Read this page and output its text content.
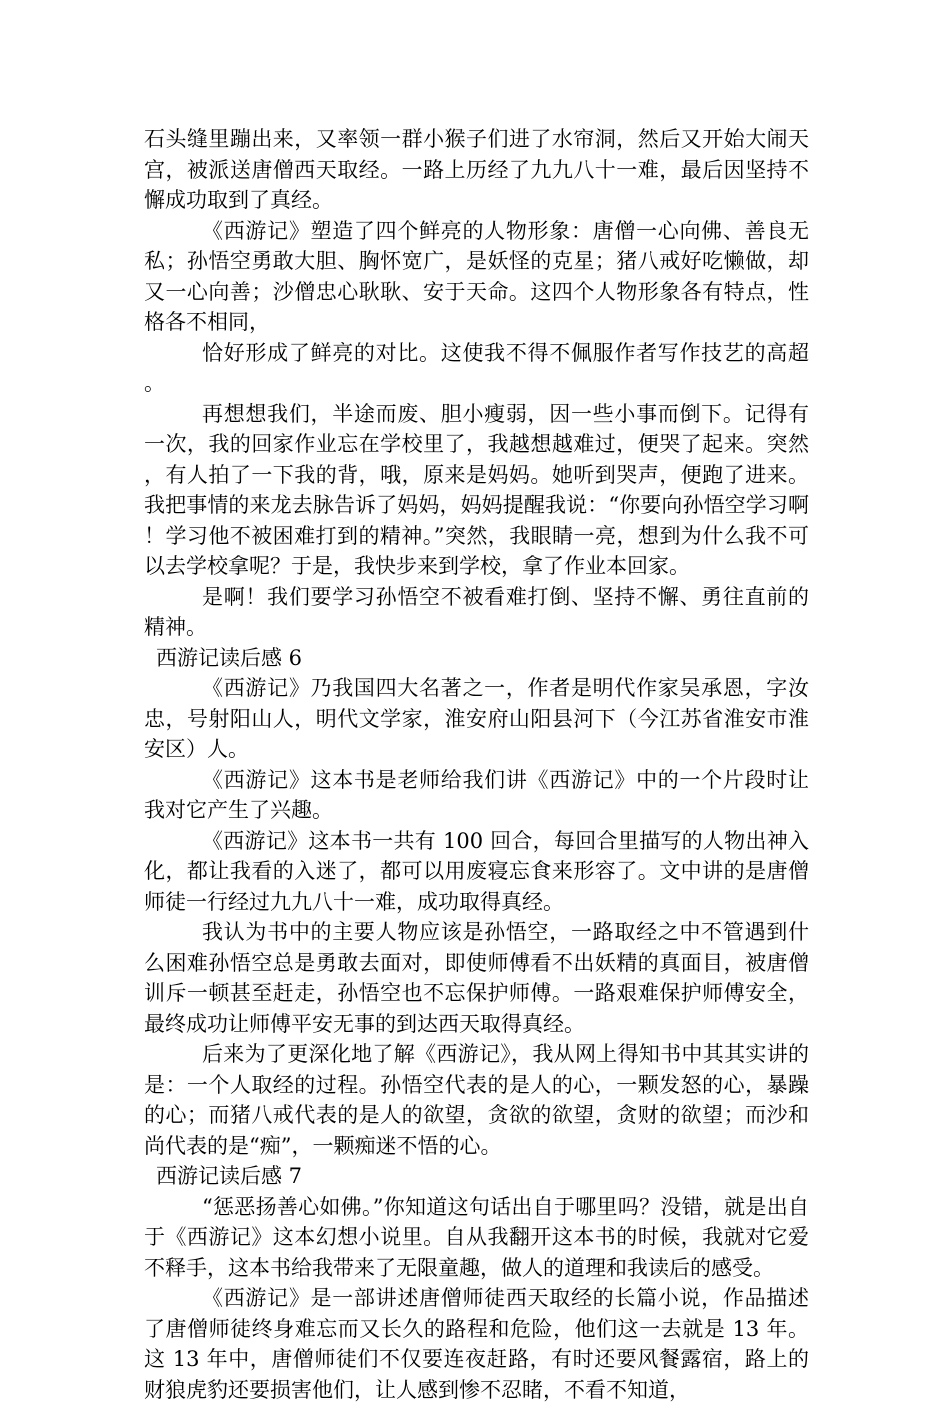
石头缝里蹦出来，又率领一群小猴子们进了水帘洞，然后又开始大闹天宫，被派送唐僧西天取经。一路上历经了九九八十一难，最后因坚持不懈成功取到了真经。

《西游记》塑造了四个鲜亮的人物形象：唐僧一心向佛、善良无私；孙悟空勇敢大胆、胸怀宽广，是妖怪的克星；猪八戒好吃懒做，却又一心向善；沙僧忠心耿耿、安于天命。这四个人物形象各有特点，性格各不相同，

恰好形成了鲜亮的对比。这使我不得不佩服作者写作技艺的高超。

再想想我们，半途而废、胆小瘦弱，因一些小事而倒下。记得有一次，我的回家作业忘在学校里了，我越想越难过，便哭了起来。突然，有人拍了一下我的背，哦，原来是妈妈。她听到哭声，便跑了进来。我把事情的来龙去脉告诉了妈妈，妈妈提醒我说：“你要向孙悟空学习啊！学习他不被困难打到的精神。”突然，我眼睛一亮，想到为什么我不可以去学校拿呢？于是，我快步来到学校，拿了作业本回家。

是啊！我们要学习孙悟空不被看难打倒、坚持不懈、勇往直前的精神。

西游记读后感 6

《西游记》乃我国四大名著之一，作者是明代作家吴承恩，字汝忠，号射阳山人，明代文学家，淮安府山阳县河下（今江苏省淮安市淮安区）人。

《西游记》这本书是老师给我们讲《西游记》中的一个片段时让我对它产生了兴趣。

《西游记》这本书一共有 100 回合，每回合里描写的人物出神入化，都让我看的入迷了，都可以用废寝忘食来形容了。文中讲的是唐僧师徒一行经过九九八十一难，成功取得真经。

我认为书中的主要人物应该是孙悟空，一路取经之中不管遇到什么困难孙悟空总是勇敢去面对，即使师傅看不出妖精的真面目，被唐僧训斥一顿甚至赶走，孙悟空也不忘保护师傅。一路艰难保护师傅安全，最终成功让师傅平安无事的到达西天取得真经。

后来为了更深化地了解《西游记》，我从网上得知书中其其实讲的是：一个人取经的过程。孙悟空代表的是人的心，一颗发怒的心，暴躁的心；而猪八戒代表的是人的欲望，贪欲的欲望，贪财的欲望；而沙和尚代表的是“痴”，一颗痴迷不悟的心。

西游记读后感 7

“惩恶扬善心如佛。”你知道这句话出自于哪里吗？没错，就是出自于《西游记》这本幻想小说里。自从我翻开这本书的时候，我就对它爱不释手，这本书给我带来了无限童趣，做人的道理和我读后的感受。

《西游记》是一部讲述唐僧师徒西天取经的长篇小说，作品描述了唐僧师徒终身难忘而又长久的路程和危险，他们这一去就是 13 年。这 13 年中，唐僧师徒们不仅要连夜赶路，有时还要风餐露宿，路上的财狼虎豹还要损害他们，让人感到惨不忍睹，不看不知道，
